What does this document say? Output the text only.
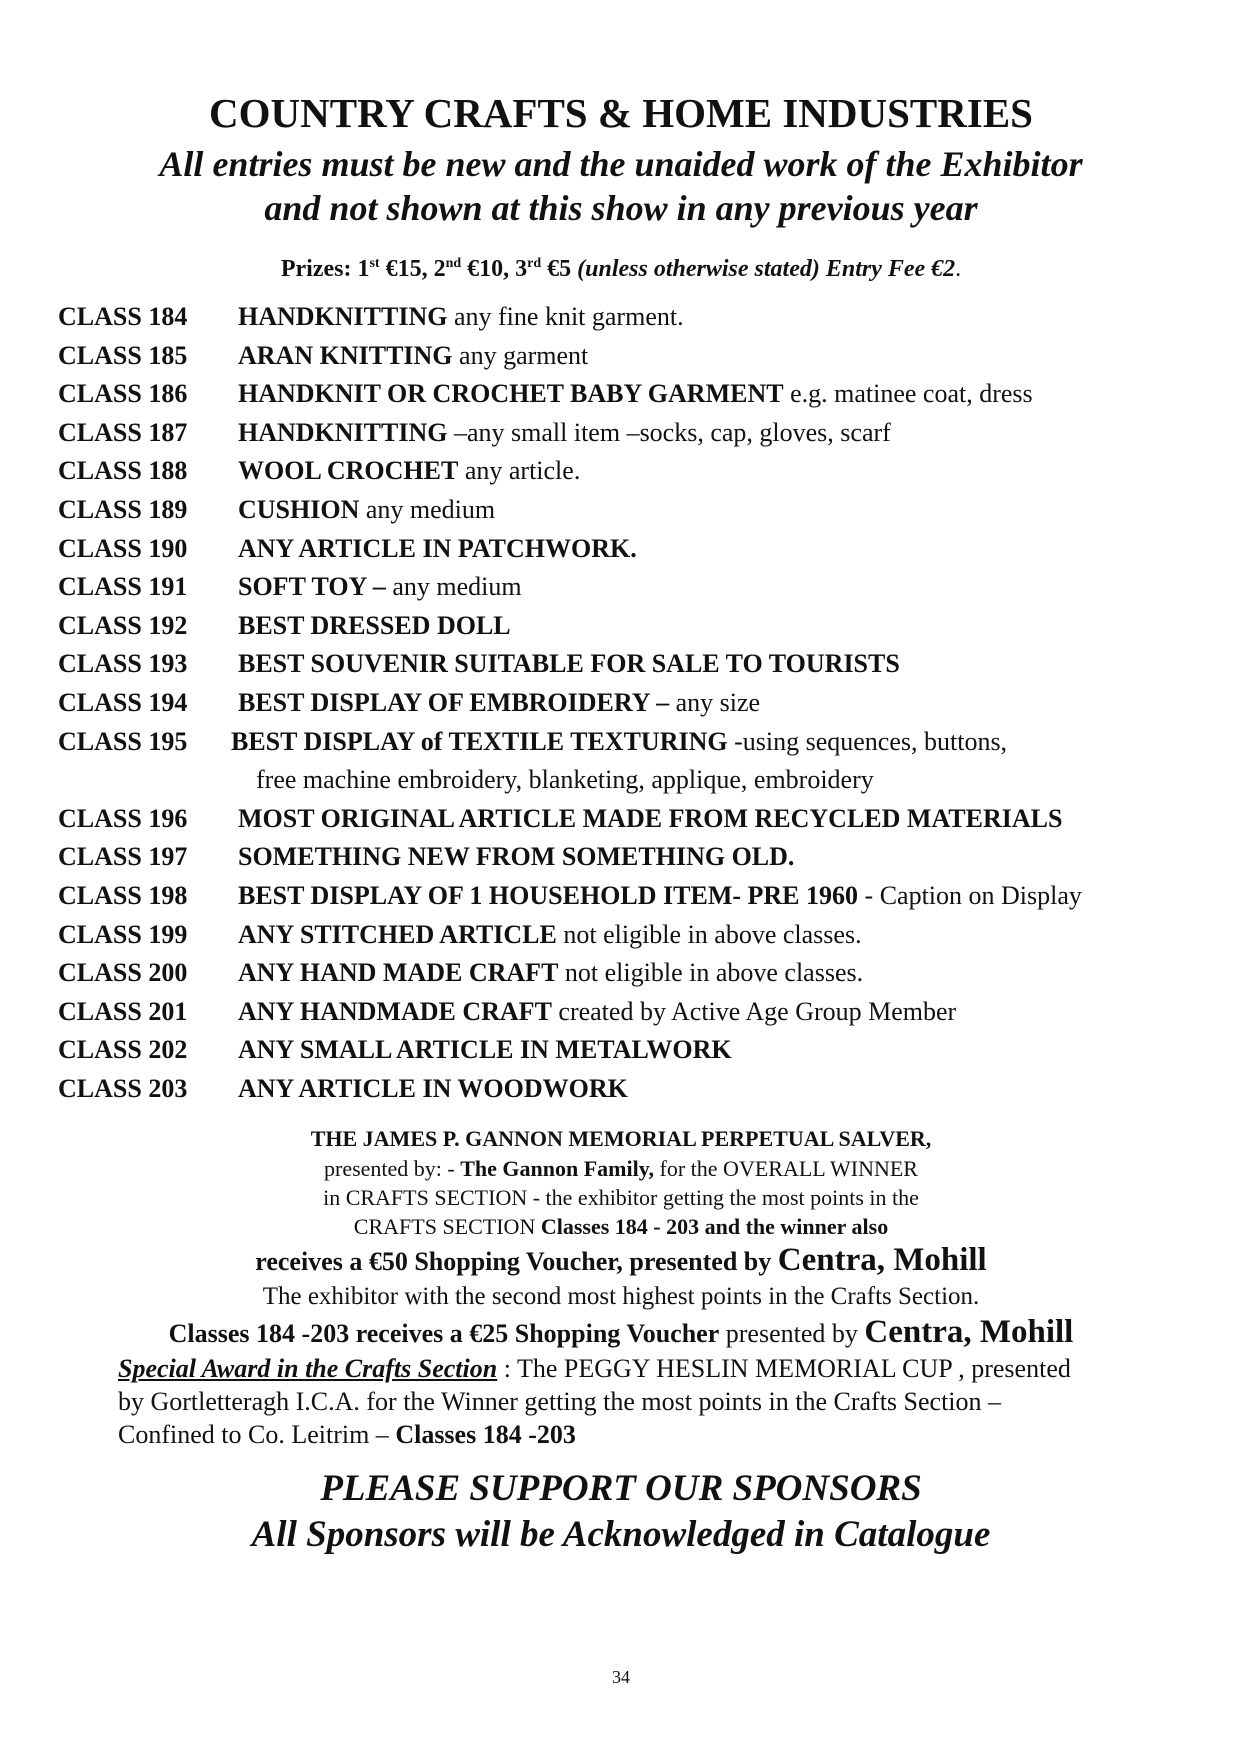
COUNTRY CRAFTS & HOME INDUSTRIES
All entries must be new and the unaided work of the Exhibitor
and not shown at this show in any previous year
Prizes: 1st €15, 2nd €10, 3rd €5 (unless otherwise stated) Entry Fee €2.
CLASS 184 HANDKNITTING any fine knit garment.
CLASS 185 ARAN KNITTING any garment
CLASS 186 HANDKNIT OR CROCHET BABY GARMENT e.g. matinee coat, dress
CLASS 187 HANDKNITTING –any small item –socks, cap, gloves, scarf
CLASS 188 WOOL CROCHET any article.
CLASS 189 CUSHION any medium
CLASS 190 ANY ARTICLE IN PATCHWORK.
CLASS 191 SOFT TOY – any medium
CLASS 192 BEST DRESSED DOLL
CLASS 193 BEST SOUVENIR SUITABLE FOR SALE TO TOURISTS
CLASS 194 BEST DISPLAY OF EMBROIDERY – any size
CLASS 195 BEST DISPLAY of TEXTILE TEXTURING -using sequences, buttons,
free machine embroidery, blanketing, applique, embroidery
CLASS 196 MOST ORIGINAL ARTICLE MADE FROM RECYCLED MATERIALS
CLASS 197 SOMETHING NEW FROM SOMETHING OLD.
CLASS 198 BEST DISPLAY OF 1 HOUSEHOLD ITEM- PRE 1960 - Caption on Display
CLASS 199 ANY STITCHED ARTICLE not eligible in above classes.
CLASS 200 ANY HAND MADE CRAFT not eligible in above classes.
CLASS 201 ANY HANDMADE CRAFT created by Active Age Group Member
CLASS 202 ANY SMALL ARTICLE IN METALWORK
CLASS 203 ANY ARTICLE IN WOODWORK
THE JAMES P. GANNON MEMORIAL PERPETUAL SALVER,
presented by: - The Gannon Family, for the OVERALL WINNER
in CRAFTS SECTION - the exhibitor getting the most points in the
CRAFTS SECTION Classes 184 - 203 and the winner also
receives a €50 Shopping Voucher, presented by Centra, Mohill
The exhibitor with the second most highest points in the Crafts Section.
Classes 184 -203 receives a €25 Shopping Voucher presented by Centra, Mohill
Special Award in the Crafts Section : The PEGGY HESLIN MEMORIAL CUP , presented
by Gortletteragh I.C.A. for the Winner getting the most points in the Crafts Section –
Confined to Co. Leitrim – Classes 184 -203
PLEASE SUPPORT OUR SPONSORS
All Sponsors will be Acknowledged in Catalogue
34
